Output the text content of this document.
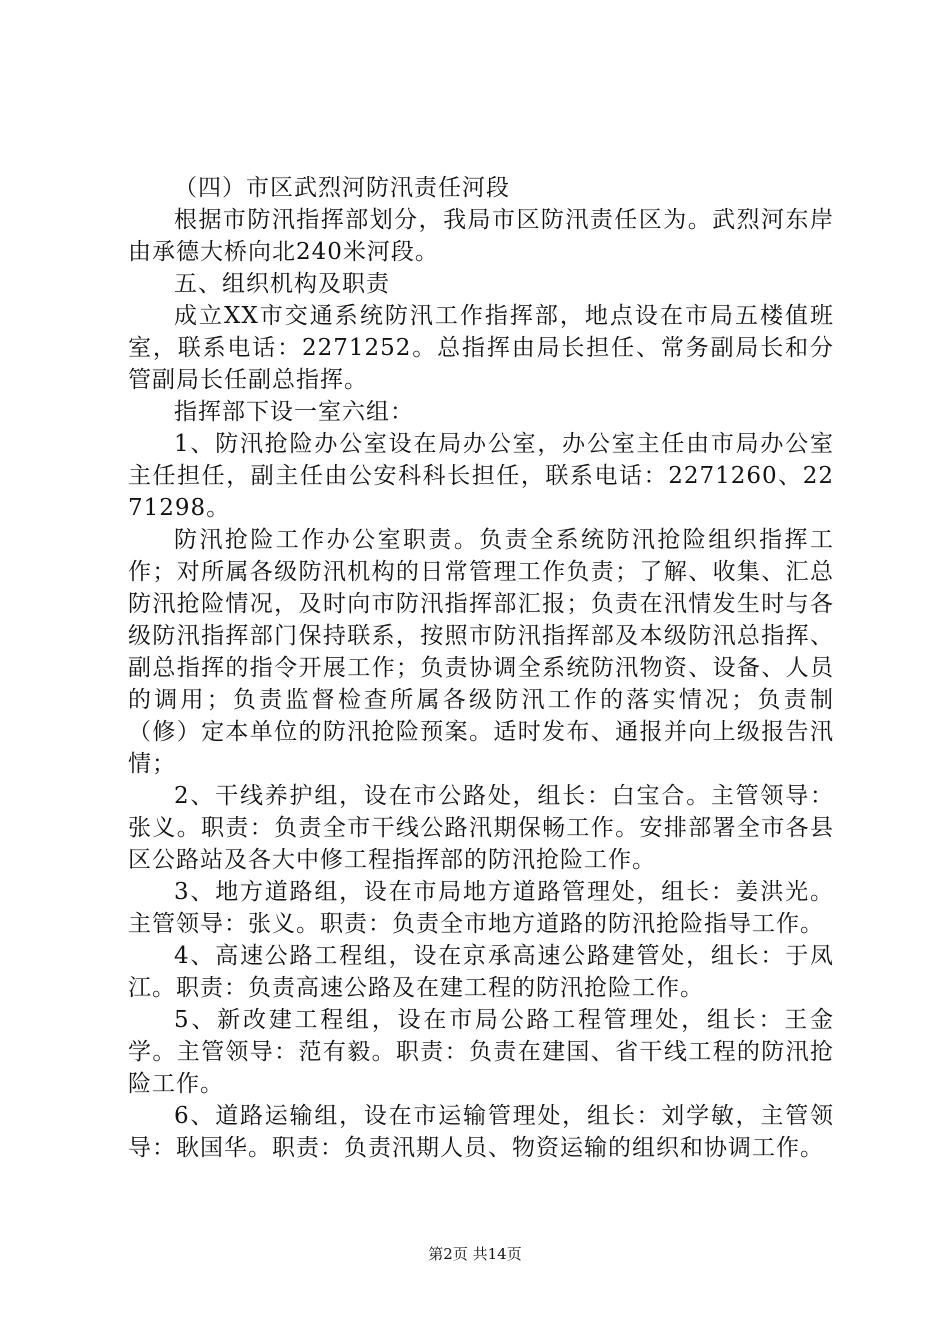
（四）市区武烈河防汛责任河段

根据市防汛指挥部划分，我局市区防汛责任区为。武烈河东岸由承德大桥向北240米河段。

五、组织机构及职责

成立XX市交通系统防汛工作指挥部，地点设在市局五楼值班室，联系电话：2271252。总指挥由局长担任、常务副局长和分管副局长任副总指挥。

指挥部下设一室六组：

1、防汛抢险办公室设在局办公室，办公室主任由市局办公室主任担任，副主任由公安科科长担任，联系电话：2271260、2271298。

防汛抢险工作办公室职责。负责全系统防汛抢险组织指挥工作；对所属各级防汛机构的日常管理工作负责；了解、收集、汇总防汛抢险情况，及时向市防汛指挥部汇报；负责在汛情发生时与各级防汛指挥部门保持联系，按照市防汛指挥部及本级防汛总指挥、副总指挥的指令开展工作；负责协调全系统防汛物资、设备、人员的调用；负责监督检查所属各级防汛工作的落实情况；负责制（修）定本单位的防汛抢险预案。适时发布、通报并向上级报告汛情；

2、干线养护组，设在市公路处，组长：白宝合。主管领导：张义。职责：负责全市干线公路汛期保畅工作。安排部署全市各县区公路站及各大中修工程指挥部的防汛抢险工作。

3、地方道路组，设在市局地方道路管理处，组长：姜洪光。主管领导：张义。职责：负责全市地方道路的防汛抢险指导工作。

4、高速公路工程组，设在京承高速公路建管处，组长：于凤江。职责：负责高速公路及在建工程的防汛抢险工作。

5、新改建工程组，设在市局公路工程管理处，组长：王金学。主管领导：范有毅。职责：负责在建国、省干线工程的防汛抢险工作。

6、道路运输组，设在市运输管理处，组长：刘学敏，主管领导：耿国华。职责：负责汛期人员、物资运输的组织和协调工作。

第2页 共14页
